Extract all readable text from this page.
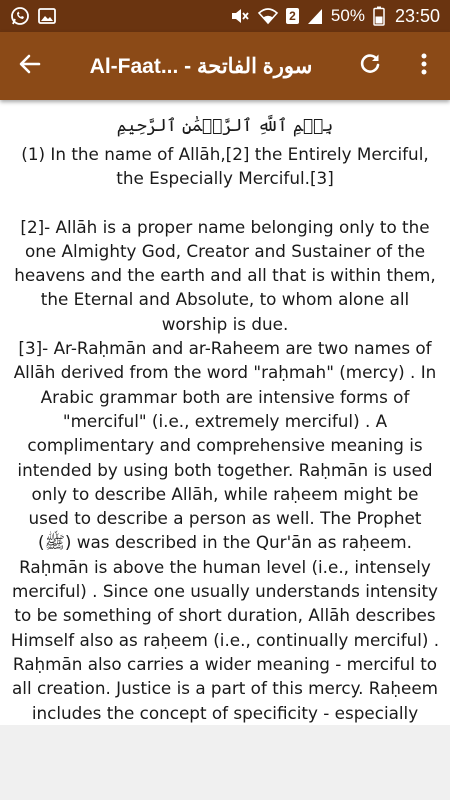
2 50% 23:50
Al-Faat... - سورة الفاتحة
بِسۡمِ ٱللَّهِ ٱلرَّحۡمَٰنِ ٱلرَّحِيمِ

(1) In the name of Allāh,[2] the Entirely Merciful, the Especially Merciful.[3]

[2]- Allāh is a proper name belonging only to the one Almighty God, Creator and Sustainer of the heavens and the earth and all that is within them, the Eternal and Absolute, to whom alone all worship is due.

[3]- Ar-Raḥmān and ar-Raheem are two names of Allāh derived from the word "raḥmah" (mercy) . In Arabic grammar both are intensive forms of "merciful" (i.e., extremely merciful) . A complimentary and comprehensive meaning is intended by using both together. Raḥmān is used only to describe Allāh, while raḥeem might be used to describe a person as well. The Prophet (ﷺ) was described in the Qur'ān as raḥeem. Raḥmān is above the human level (i.e., intensely merciful) . Since one usually understands intensity to be something of short duration, Allāh describes Himself also as raḥeem (i.e., continually merciful) . Raḥmān also carries a wider meaning - merciful to all creation. Justice is a part of this mercy. Raḥeem includes the concept of specificity - especially
